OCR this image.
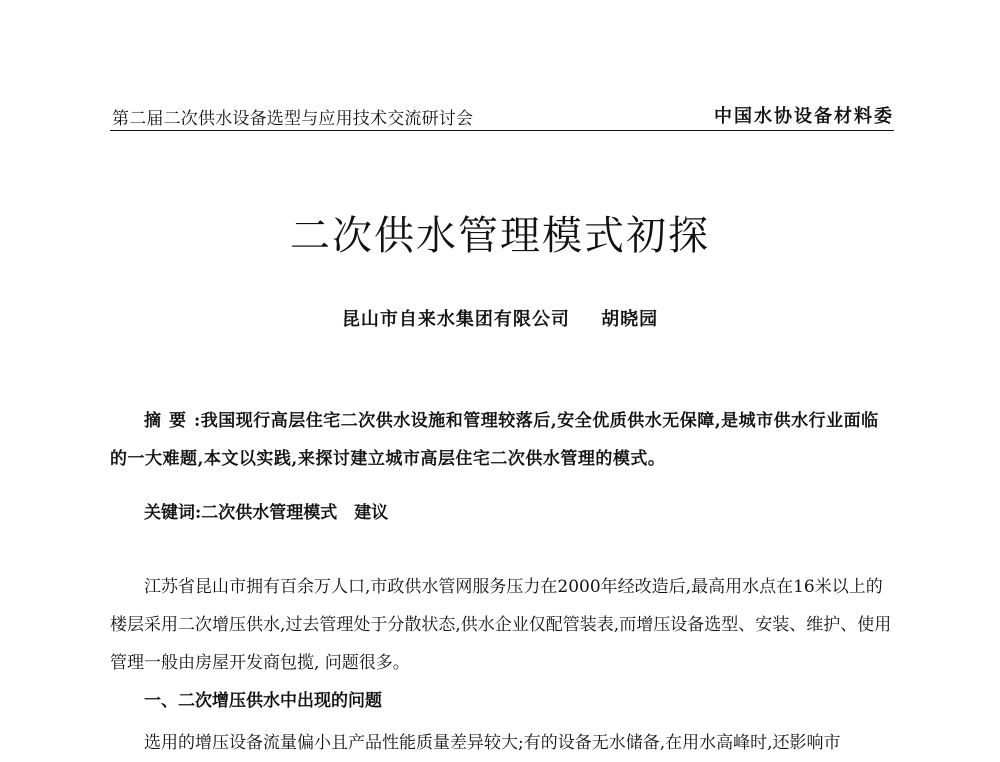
第二届二次供水设备选型与应用技术交流研讨会	中国水协设备材料委
二次供水管理模式初探
昆山市自来水集团有限公司 胡晓园
摘要:我国现行高层住宅二次供水设施和管理较落后,安全优质供水无保障,是城市供水行业面临的一大难题,本文以实践,来探讨建立城市高层住宅二次供水管理的模式。
关键词:二次供水管理模式　建议
江苏省昆山市拥有百余万人口,市政供水管网服务压力在2000年经改造后,最高用水点在16米以上的楼层采用二次增压供水,过去管理处于分散状态,供水企业仅配管装表,而增压设备选型、安装、维护、使用管理一般由房屋开发商包揽, 问题很多。
一、二次增压供水中出现的问题
选用的增压设备流量偏小且产品性能质量差异较大;有的设备无水储备,在用水高峰时,还影响市
